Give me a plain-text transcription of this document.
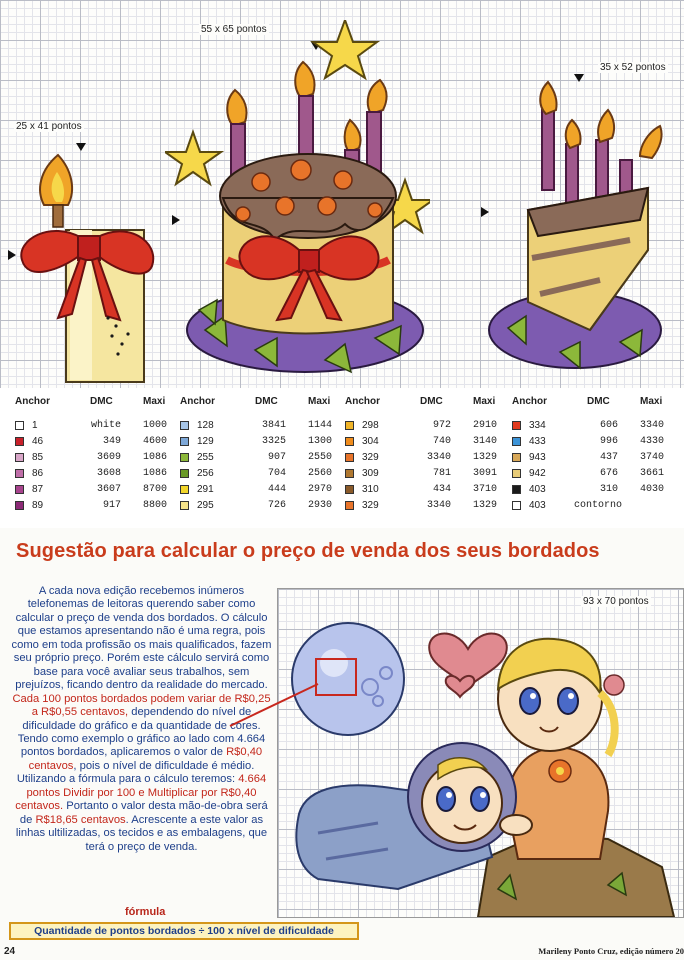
55 x 65 pontos
35 x 52 pontos
25 x 41 pontos
Anchor	DMC	Maxi
1	white	1000
46	349	4600
85	3609	1086
86	3608	1086
87	3607	8700
89	917	8800
Anchor	DMC	Maxi
128	3841	1144
129	3325	1300
255	907	2550
256	704	2560
291	444	2970
295	726	2930
Anchor	DMC	Maxi
298	972	2910
304	740	3140
329	3340	1329
309	781	3091
310	434	3710
329	3340	1329
Anchor	DMC	Maxi
334	606	3340
433	996	4330
943	437	3740
942	676	3661
403	310	4030
403	contorno
Sugestão para calcular o preço de venda dos seus bordados
A cada nova edição recebemos inúmeros telefonemas de leitoras querendo saber como calcular o preço de venda dos bordados. O cálculo que estamos apresentando não é uma regra, pois como em toda profissão os mais qualificados, fazem seu próprio preço. Porém este cálculo servirá como base para você avaliar seus trabalhos, sem prejuízos, ficando dentro da realidade do mercado. Cada 100 pontos bordados podem variar de R$0,25 a R$0,55 centavos, dependendo do nível de dificuldade do gráfico e da quantidade de cores. Tendo como exemplo o gráfico ao lado com 4.664 pontos bordados, aplicaremos o valor de R$0,40 centavos, pois o nível de dificuldade é médio. Utilizando a fórmula para o cálculo teremos: 4.664 pontos Dividir por 100 e Multiplicar por R$0,40 centavos. Portanto o valor desta mão-de-obra será de R$18,65 centavos. Acrescente a este valor as linhas ultilizadas, os tecidos e as embalagens, que terá o preço de venda.
fórmula
Quantidade de pontos bordados ÷ 100 x nível de dificuldade
93 x 70 pontos
24	Marileny Ponto Cruz, edição número 20
